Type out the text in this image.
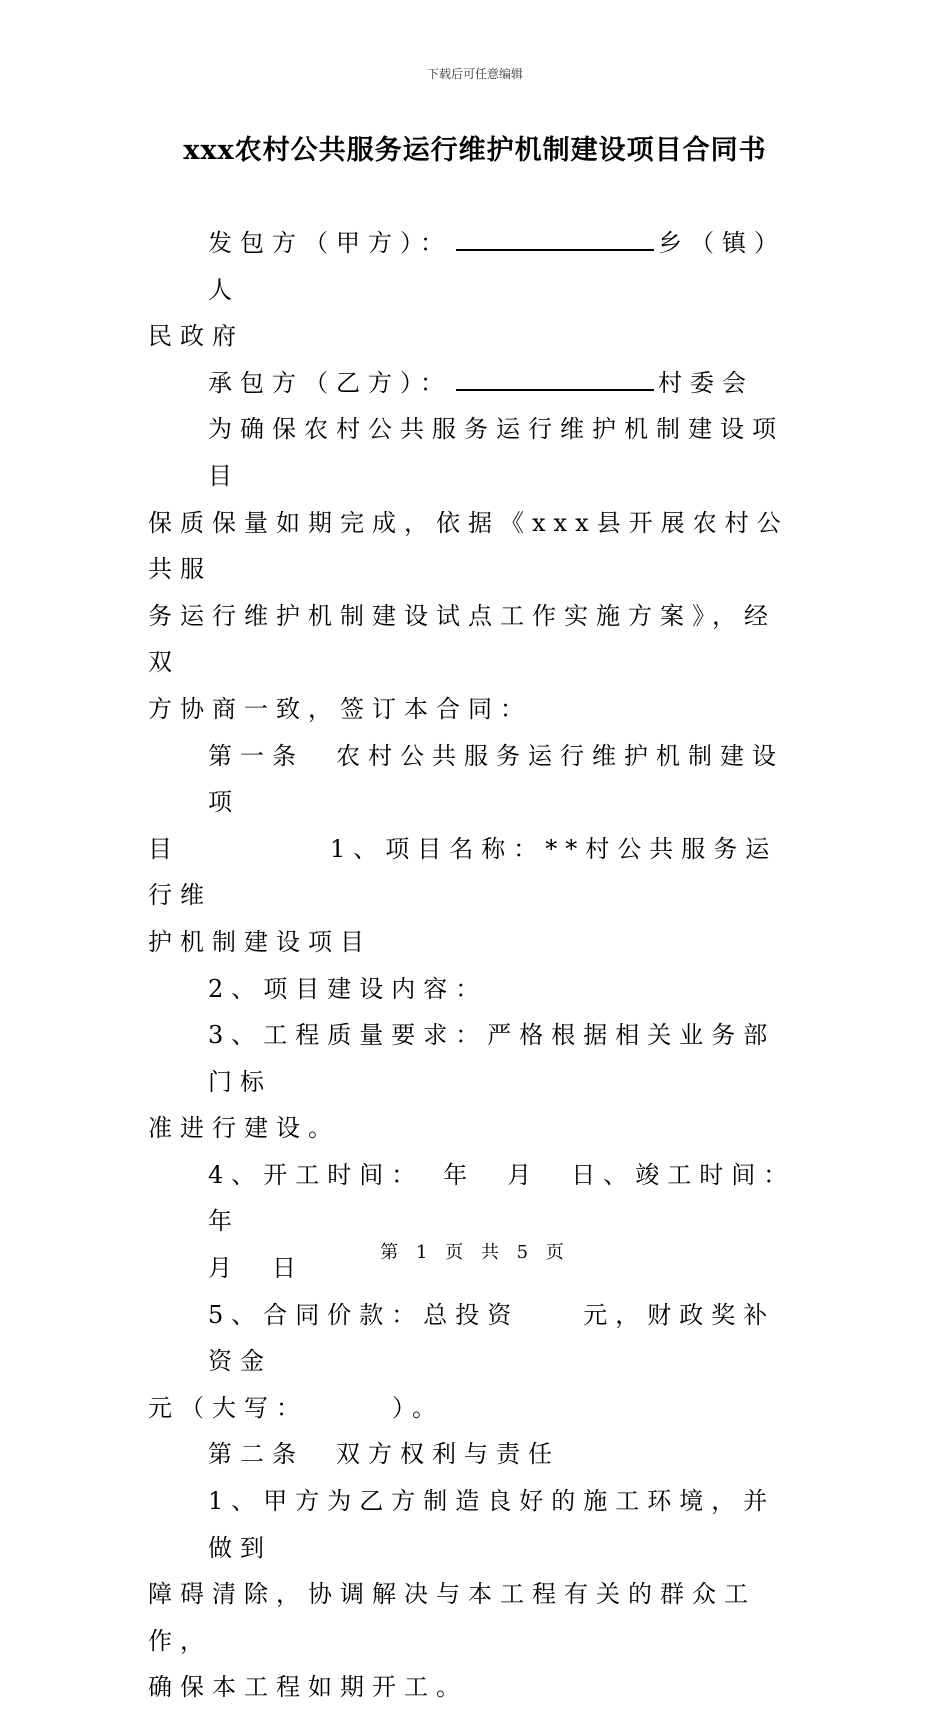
下载后可任意编辑
xxx农村公共服务运行维护机制建设项目合同书

发包方（甲方）：	乡（镇）人

民政府

承包方（乙方）：	村委会

为确保农村公共服务运行维护机制建设项目

保质保量如期完成，依据《xxx县开展农村公共服

务运行维护机制建设试点工作实施方案》，经双

方协商一致，签订本合同：

第一条　农村公共服务运行维护机制建设项

目	1、项目名称：**村公共服务运行维

护机制建设项目

2、项目建设内容：

3、工程质量要求：严格根据相关业务部门标

准进行建设。

4、开工时间：　年　月　日、竣工时间：　　年

月　日

5、合同价款：总投资　　元，财政奖补资金

元（大写：　　　）。

第二条　双方权利与责任

1、甲方为乙方制造良好的施工环境，并做到

障碍清除，协调解决与本工程有关的群众工作，

确保本工程如期开工。

第 1 页 共 5 页
